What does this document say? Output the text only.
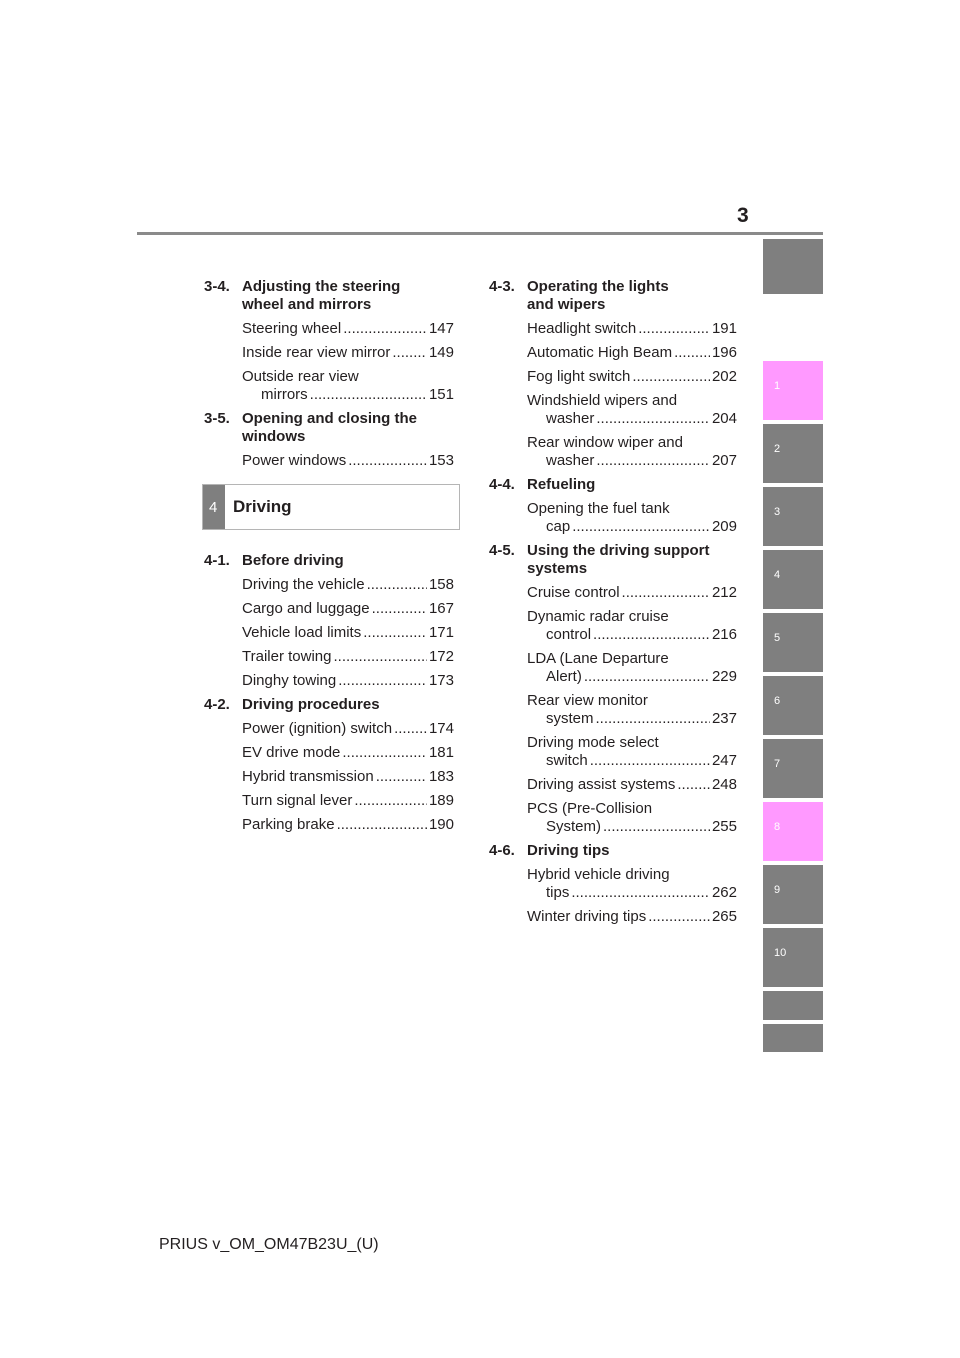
3
1
2
3
4
5
6
7
8
9
10
3-4. Adjusting the steering
wheel and mirrors
Steering wheel .....	147
Inside rear view mirror .....	149
Outside rear view
mirrors .....	151
3-5. Opening and closing the
windows
Power windows .....	153
4 Driving
4-1. Before driving
Driving the vehicle .....	158
Cargo and luggage .....	167
Vehicle load limits .....	171
Trailer towing .....	172
Dinghy towing .....	173
4-2. Driving procedures
Power (ignition) switch ..... 174
EV drive mode .....	181
Hybrid transmission .....	183
Turn signal lever .....	189
Parking brake .....	190
4-3. Operating the lights
and wipers
Headlight switch .....	191
Automatic High Beam .....	196
Fog light switch .....	202
Windshield wipers and
washer .....	204
Rear window wiper and
washer .....	207
4-4. Refueling
Opening the fuel tank
cap .....	209
4-5. Using the driving support
systems
Cruise control .....	212
Dynamic radar cruise
control .....	216
LDA (Lane Departure
Alert) .....	229
Rear view monitor
system .....	237
Driving mode select
switch .....	247
Driving assist systems ..... 248
PCS (Pre-Collision
System) .....	255
4-6. Driving tips
Hybrid vehicle driving
tips .....	262
Winter driving tips .....	265
PRIUS v_OM_OM47B23U_(U)
